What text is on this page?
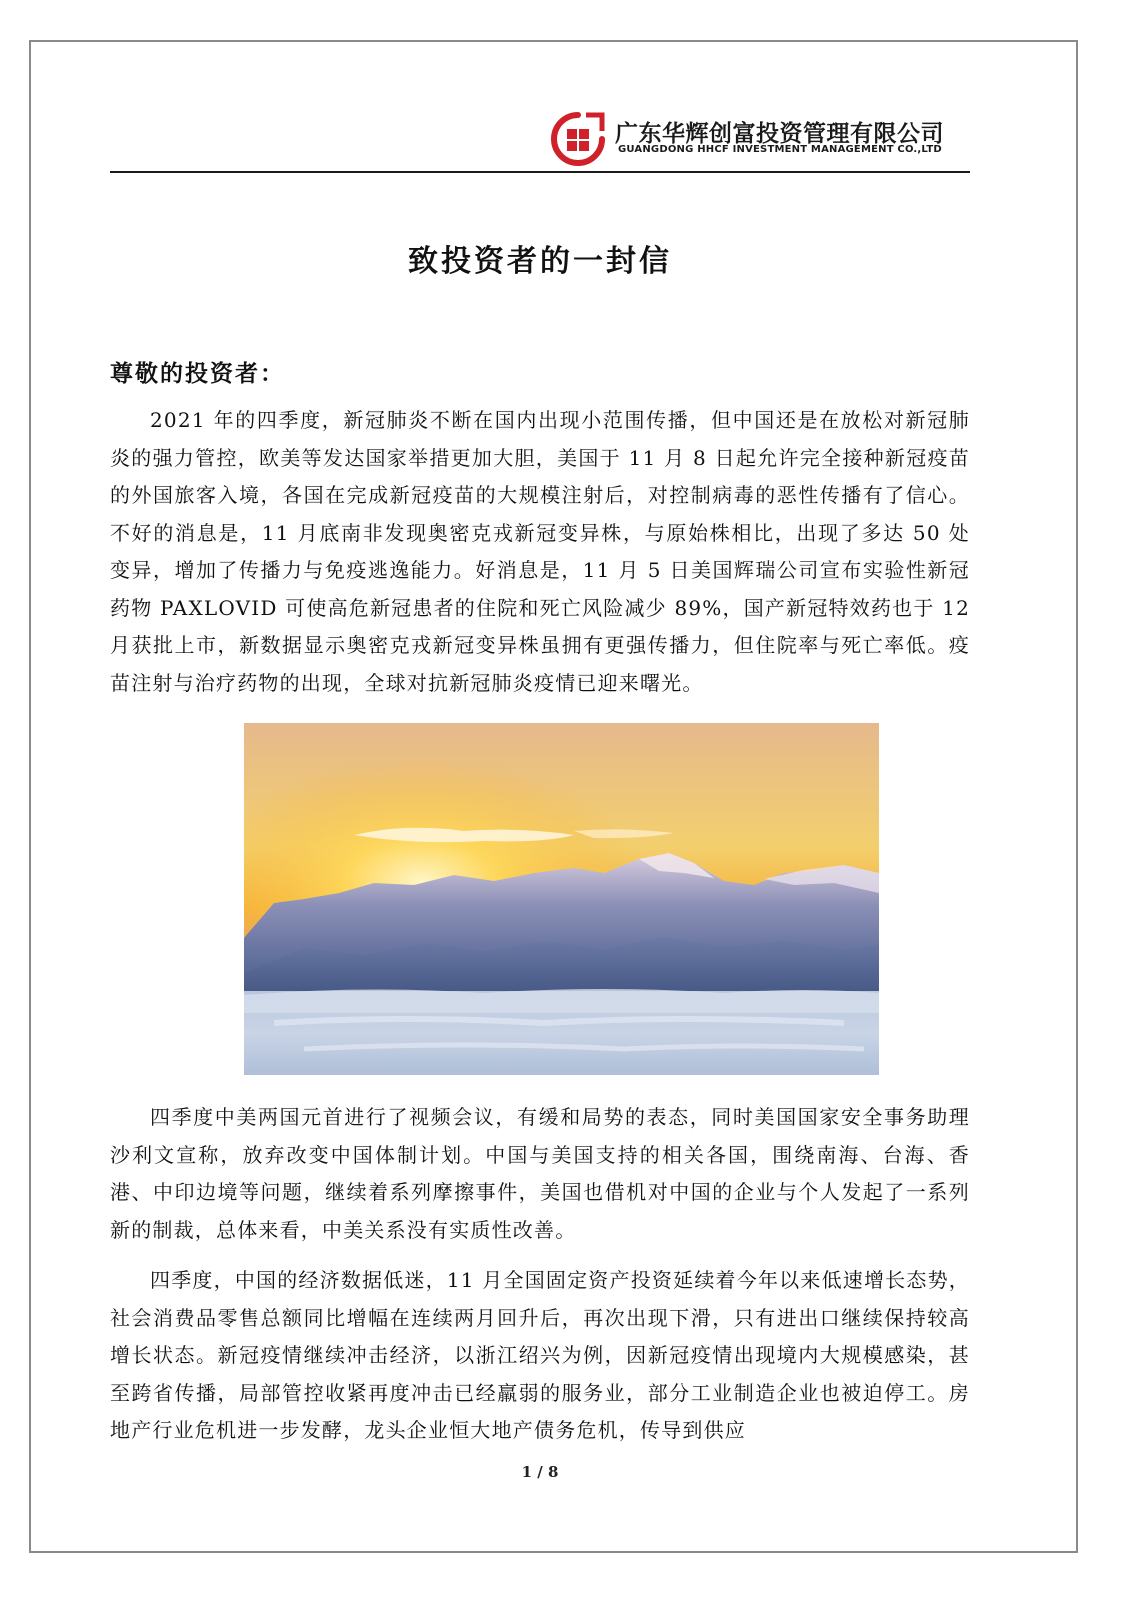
广东华辉创富投资管理有限公司
GUANGDONG HHCF INVESTMENT MANAGEMENT CO.,LTD
致投资者的一封信

尊敬的投资者：

2021 年的四季度，新冠肺炎不断在国内出现小范围传播，但中国还是在放松对新冠肺炎的强力管控，欧美等发达国家举措更加大胆，美国于 11 月 8 日起允许完全接种新冠疫苗的外国旅客入境，各国在完成新冠疫苗的大规模注射后，对控制病毒的恶性传播有了信心。不好的消息是，11 月底南非发现奥密克戎新冠变异株，与原始株相比，出现了多达 50 处变异，增加了传播力与免疫逃逸能力。好消息是，11 月 5 日美国辉瑞公司宣布实验性新冠药物 PAXLOVID 可使高危新冠患者的住院和死亡风险减少 89%，国产新冠特效药也于 12 月获批上市，新数据显示奥密克戎新冠变异株虽拥有更强传播力，但住院率与死亡率低。疫苗注射与治疗药物的出现，全球对抗新冠肺炎疫情已迎来曙光。

四季度中美两国元首进行了视频会议，有缓和局势的表态，同时美国国家安全事务助理沙利文宣称，放弃改变中国体制计划。中国与美国支持的相关各国，围绕南海、台海、香港、中印边境等问题，继续着系列摩擦事件，美国也借机对中国的企业与个人发起了一系列新的制裁，总体来看，中美关系没有实质性改善。

四季度，中国的经济数据低迷，11 月全国固定资产投资延续着今年以来低速增长态势，社会消费品零售总额同比增幅在连续两月回升后，再次出现下滑，只有进出口继续保持较高增长状态。新冠疫情继续冲击经济，以浙江绍兴为例，因新冠疫情出现境内大规模感染，甚至跨省传播，局部管控收紧再度冲击已经羸弱的服务业，部分工业制造企业也被迫停工。房地产行业危机进一步发酵，龙头企业恒大地产债务危机，传导到供应

1 / 8
